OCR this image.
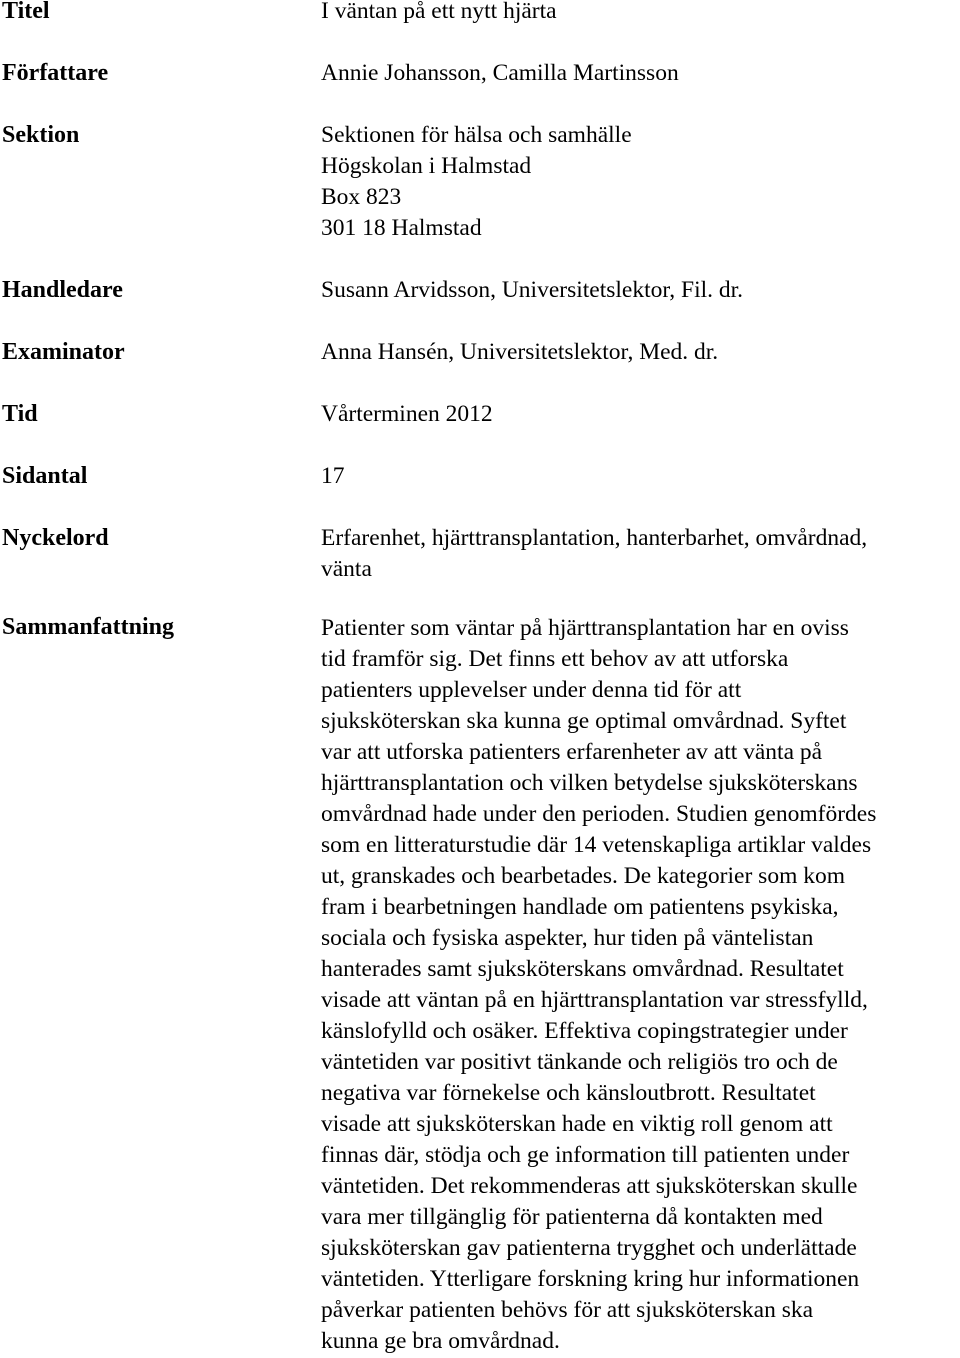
Titel	I väntan på ett nytt hjärta
Författare	Annie Johansson, Camilla Martinsson
Sektion	Sektionen för hälsa och samhälle
Högskolan i Halmstad
Box 823
301 18 Halmstad
Handledare	Susann Arvidsson, Universitetslektor, Fil. dr.
Examinator	Anna Hansén, Universitetslektor, Med. dr.
Tid	Vårterminen 2012
Sidantal	17
Nyckelord	Erfarenhet, hjärttransplantation, hanterbarhet, omvårdnad,
vänta
Sammanfattning	Patienter som väntar på hjärttransplantation har en oviss
tid framför sig. Det finns ett behov av att utforska
patienters upplevelser under denna tid för att
sjuksköterskan ska kunna ge optimal omvårdnad. Syftet
var att utforska patienters erfarenheter av att vänta på
hjärttransplantation och vilken betydelse sjuksköterskans
omvårdnad hade under den perioden. Studien genomfördes
som en litteraturstudie där 14 vetenskapliga artiklar valdes
ut, granskades och bearbetades. De kategorier som kom
fram i bearbetningen handlade om patientens psykiska,
sociala och fysiska aspekter, hur tiden på väntelistan
hanterades samt sjuksköterskans omvårdnad. Resultatet
visade att väntan på en hjärttransplantation var stressfylld,
känslofylld och osäker. Effektiva copingstrategier under
väntetiden var positivt tänkande och religiös tro och de
negativa var förnekelse och känsloutbrott. Resultatet
visade att sjuksköterskan hade en viktig roll genom att
finnas där, stödja och ge information till patienten under
väntetiden. Det rekommenderas att sjuksköterskan skulle
vara mer tillgänglig för patienterna då kontakten med
sjuksköterskan gav patienterna trygghet och underlättade
väntetiden. Ytterligare forskning kring hur informationen
påverkar patienten behövs för att sjuksköterskan ska
kunna ge bra omvårdnad.
